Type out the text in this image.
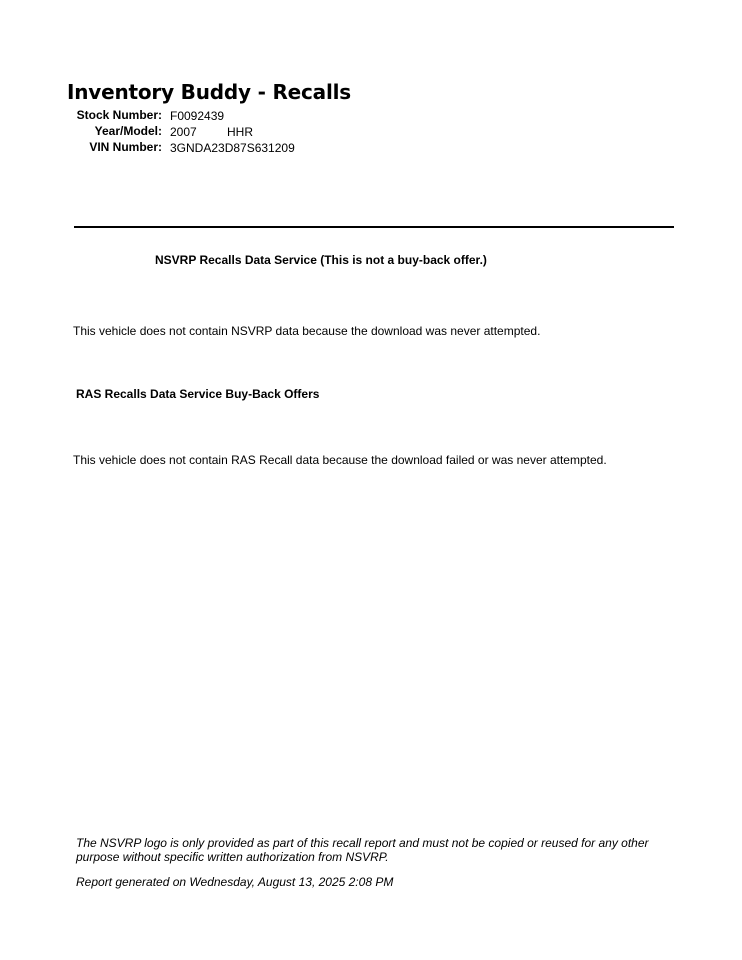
Inventory Buddy - Recalls
Stock Number: F0092439
Year/Model: 2007	HHR
VIN Number: 3GNDA23D87S631209
NSVRP Recalls Data Service (This is not a buy-back offer.)
This vehicle does not contain NSVRP data because the download was never attempted.
RAS Recalls Data Service Buy-Back Offers
This vehicle does not contain RAS Recall data because the download failed or was never attempted.
The NSVRP logo is only provided as part of this recall report and must not be copied or reused for any other purpose without specific written authorization from NSVRP.
Report generated on Wednesday, August 13, 2025 2:08 PM
